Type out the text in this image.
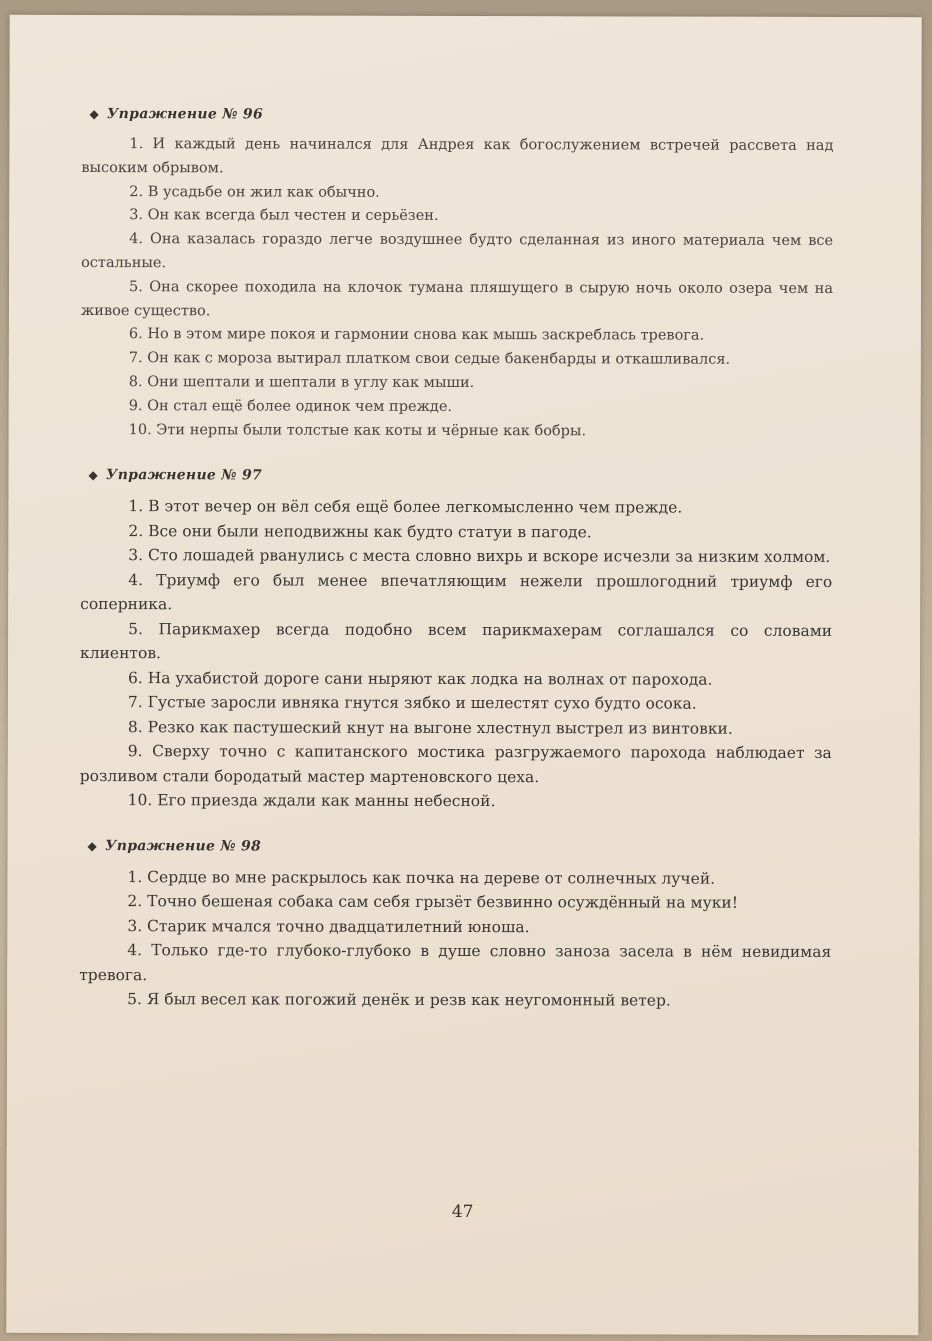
◆ Упражнение № 96

1. И каждый день начинался для Андрея как богослужением встречей рассвета над высоким обрывом.

2. В усадьбе он жил как обычно.

3. Он как всегда был честен и серьёзен.

4. Она казалась гораздо легче воздушнее будто сделанная из иного материала чем все остальные.

5. Она скорее походила на клочок тумана пляшущего в сырую ночь около озера чем на живое существо.

6. Но в этом мире покоя и гармонии снова как мышь заскреблась тревога.

7. Он как с мороза вытирал платком свои седые бакенбарды и откашливался.

8. Они шептали и шептали в углу как мыши.

9. Он стал ещё более одинок чем прежде.

10. Эти нерпы были толстые как коты и чёрные как бобры.

◆ Упражнение № 97

1. В этот вечер он вёл себя ещё более легкомысленно чем прежде.

2. Все они были неподвижны как будто статуи в пагоде.

3. Сто лошадей рванулись с места словно вихрь и вскоре исчезли за низким холмом.

4. Триумф его был менее впечатляющим нежели прошлогодний триумф его соперника.

5. Парикмахер всегда подобно всем парикмахерам соглашался со словами клиентов.

6. На ухабистой дороге сани ныряют как лодка на волнах от парохода.

7. Густые заросли ивняка гнутся зябко и шелестят сухо будто осока.

8. Резко как пастушеский кнут на выгоне хлестнул выстрел из винтовки.

9. Сверху точно с капитанского мостика разгружаемого парохода наблюдает за розливом стали бородатый мастер мартеновского цеха.

10. Его приезда ждали как манны небесной.

◆ Упражнение № 98

1. Сердце во мне раскрылось как почка на дереве от солнечных лучей.

2. Точно бешеная собака сам себя грызёт безвинно осуждённый на муки!

3. Старик мчался точно двадцатилетний юноша.

4. Только где-то глубоко-глубоко в душе словно заноза засела в нём невидимая тревога.

5. Я был весел как погожий денёк и резв как неугомонный ветер.

47
